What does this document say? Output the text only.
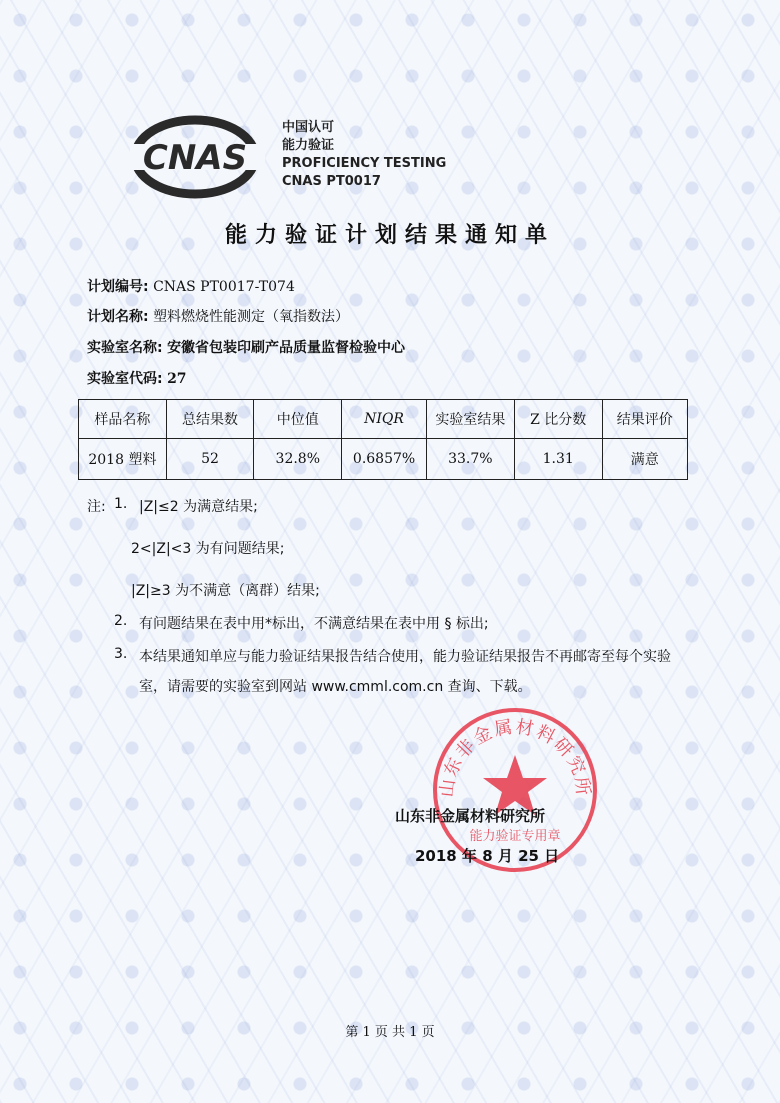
CNAS
中国认可
能力验证
PROFICIENCY TESTING
CNAS PT0017
能力验证计划结果通知单
计划编号: CNAS PT0017-T074
计划名称: 塑料燃烧性能测定（氧指数法）
实验室名称: 安徽省包装印刷产品质量监督检验中心
实验室代码: 27
样品名称	总结果数	中位值	NIQR	实验室结果	Z 比分数	结果评价
2018 塑料	52	32.8%	0.6857%	33.7%	1.31	满意
注: 1. |Z|≤2 为满意结果;
2<|Z|<3 为有问题结果;
|Z|≥3 为不满意（离群）结果;
2. 有问题结果在表中用*标出，不满意结果在表中用 § 标出;
3. 本结果通知单应与能力验证结果报告结合使用，能力验证结果报告不再邮寄至每个实验
室，请需要的实验室到网站 www.cmml.com.cn 查询、下载。
山东非金属材料研究所
能力验证专用章
山东非金属材料研究所
2018 年 8 月 25 日
第 1 页 共 1 页
